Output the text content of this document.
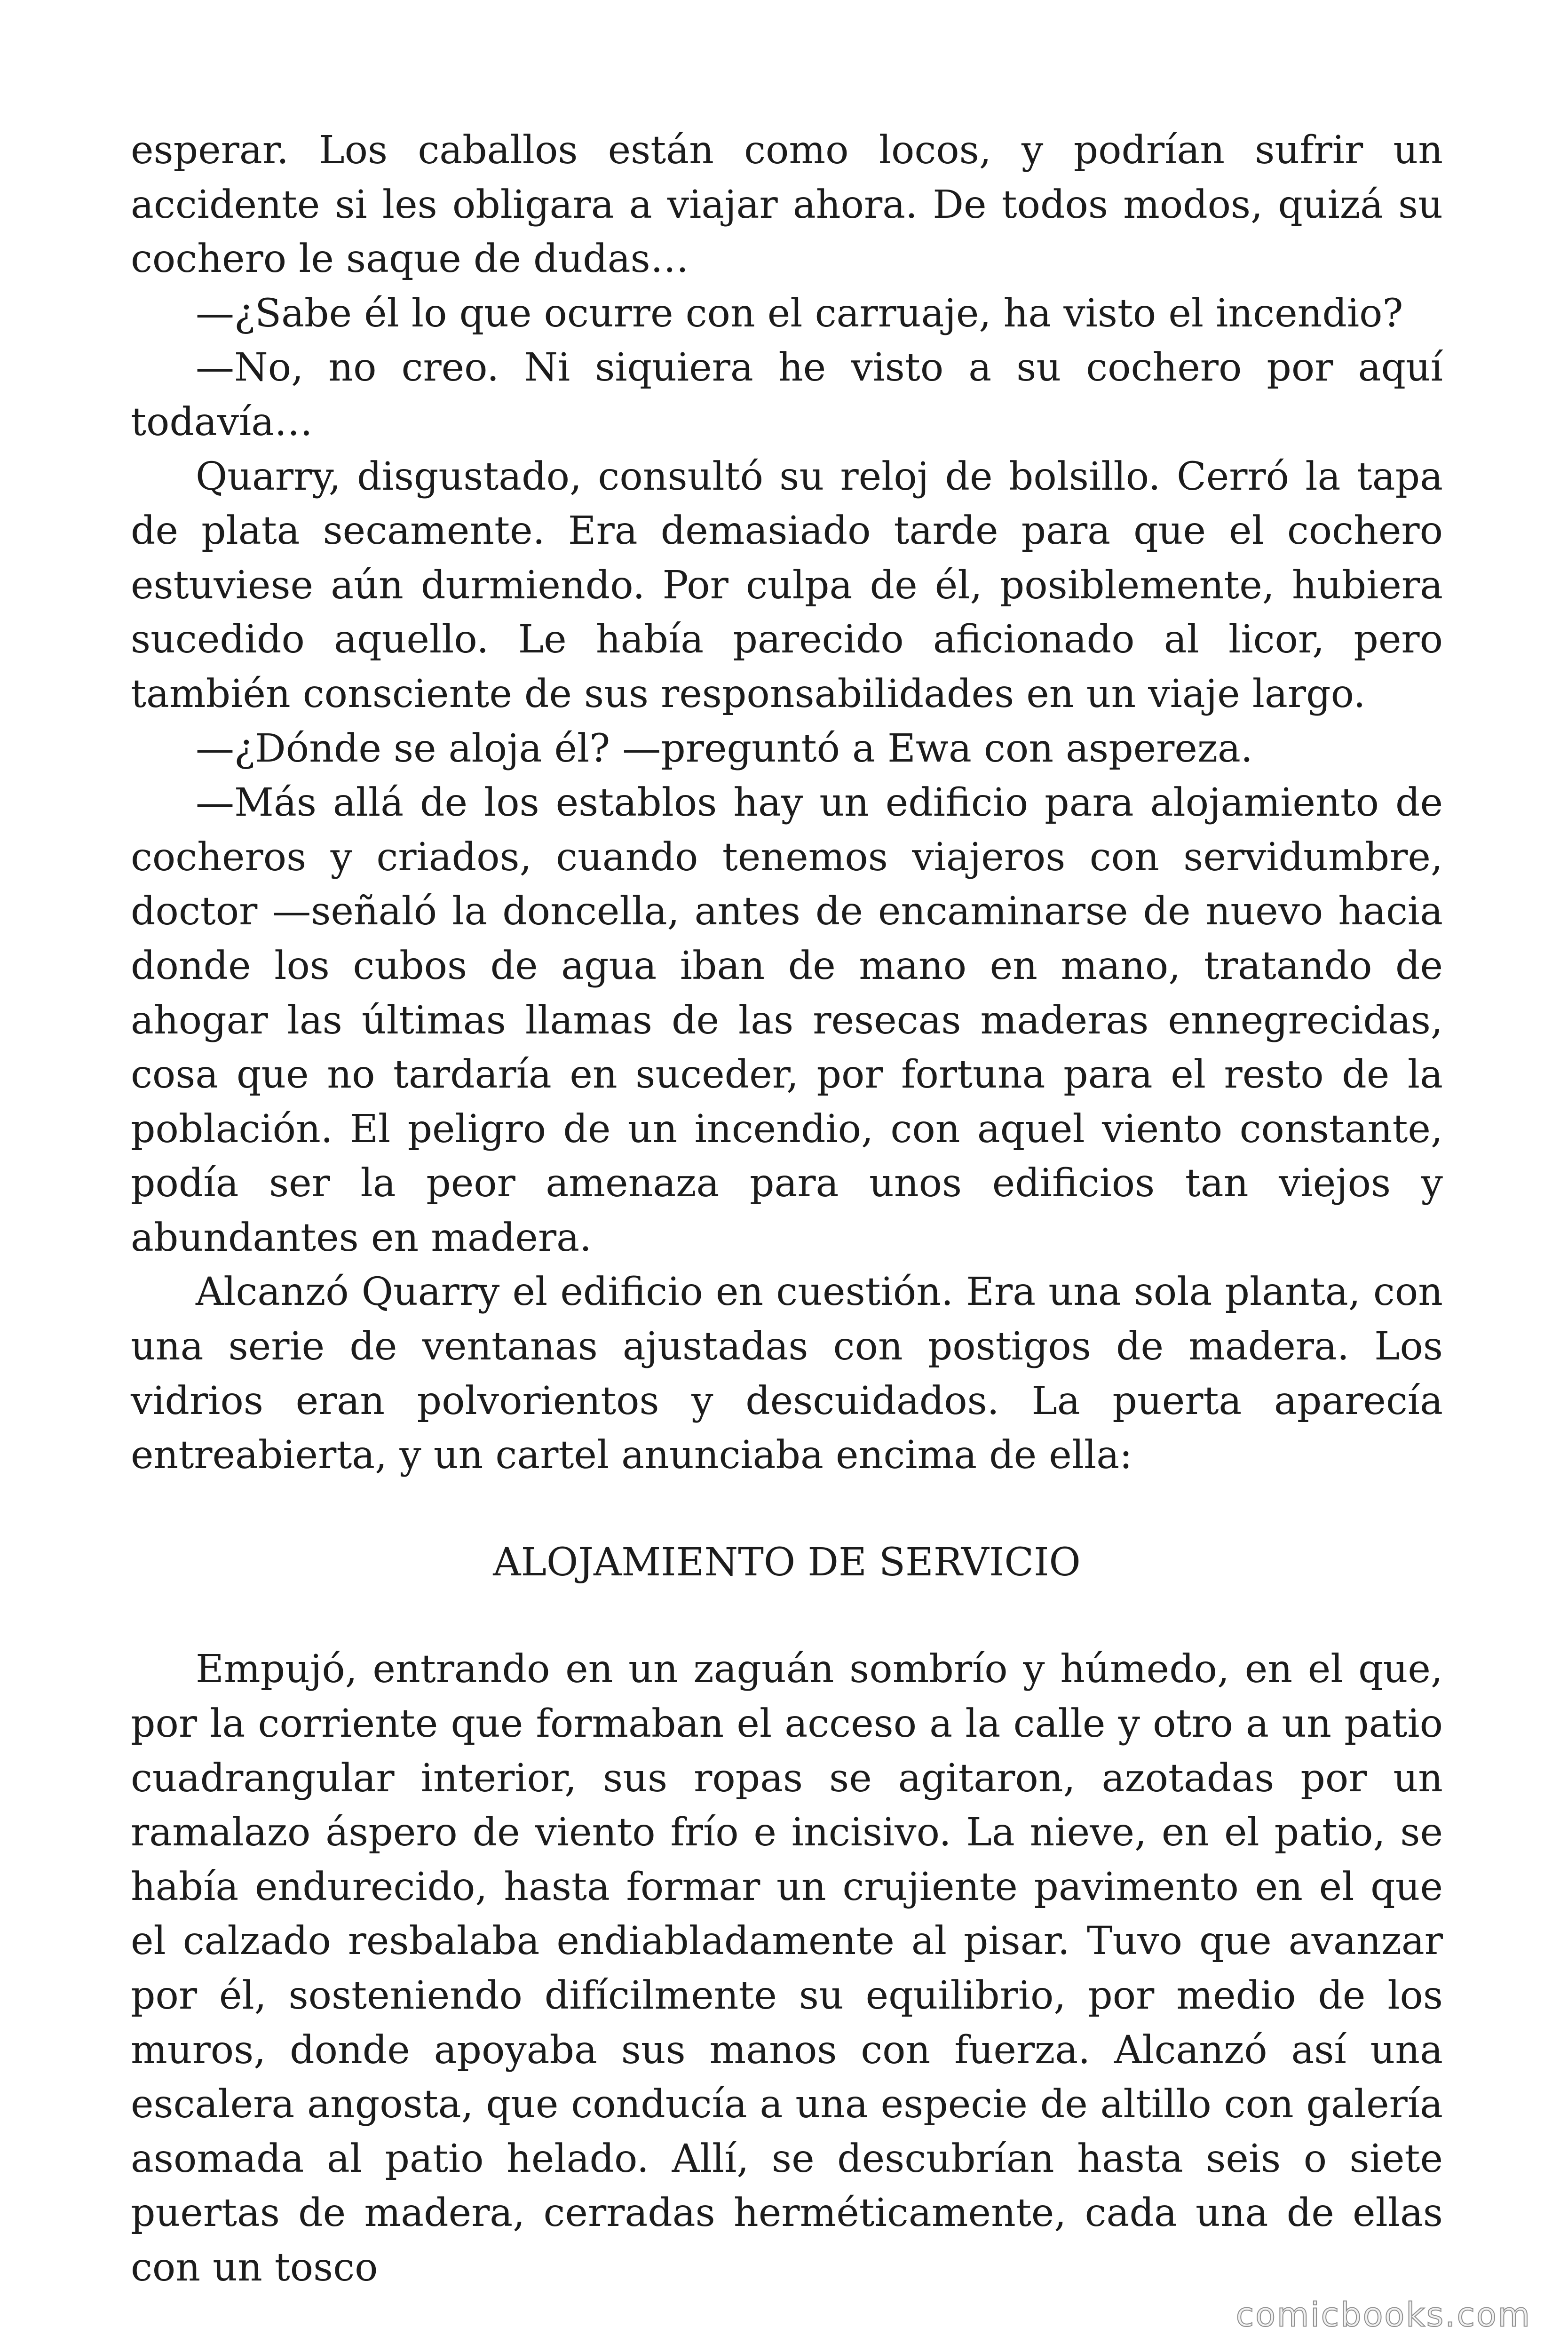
esperar. Los caballos están como locos, y podrían sufrir un accidente si les obligara a viajar ahora. De todos modos, quizá su cochero le saque de dudas…

—¿Sabe él lo que ocurre con el carruaje, ha visto el incendio?

—No, no creo. Ni siquiera he visto a su cochero por aquí todavía…

Quarry, disgustado, consultó su reloj de bolsillo. Cerró la tapa de plata secamente. Era demasiado tarde para que el cochero estuviese aún durmiendo. Por culpa de él, posiblemente, hubiera sucedido aquello. Le había parecido aficionado al licor, pero también consciente de sus responsabilidades en un viaje largo.

—¿Dónde se aloja él? —preguntó a Ewa con aspereza.

—Más allá de los establos hay un edificio para alojamiento de cocheros y criados, cuando tenemos viajeros con servidumbre, doctor —señaló la doncella, antes de encaminarse de nuevo hacia donde los cubos de agua iban de mano en mano, tratando de ahogar las últimas llamas de las resecas maderas ennegrecidas, cosa que no tardaría en suceder, por fortuna para el resto de la población. El peligro de un incendio, con aquel viento constante, podía ser la peor amenaza para unos edificios tan viejos y abundantes en madera.

Alcanzó Quarry el edificio en cuestión. Era una sola planta, con una serie de ventanas ajustadas con postigos de madera. Los vidrios eran polvorientos y descuidados. La puerta aparecía entreabierta, y un cartel anunciaba encima de ella:

ALOJAMIENTO DE SERVICIO

Empujó, entrando en un zaguán sombrío y húmedo, en el que, por la corriente que formaban el acceso a la calle y otro a un patio cuadrangular interior, sus ropas se agitaron, azotadas por un ramalazo áspero de viento frío e incisivo. La nieve, en el patio, se había endurecido, hasta formar un crujiente pavimento en el que el calzado resbalaba endiabladamente al pisar. Tuvo que avanzar por él, sosteniendo difícilmente su equilibrio, por medio de los muros, donde apoyaba sus manos con fuerza. Alcanzó así una escalera angosta, que conducía a una especie de altillo con galería asomada al patio helado. Allí, se descubrían hasta seis o siete puertas de madera, cerradas herméticamente, cada una de ellas con un tosco

comicbooks.com
